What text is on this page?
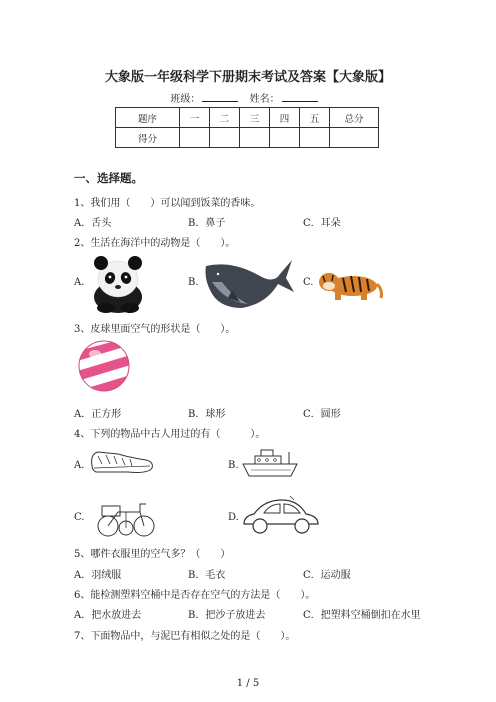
大象版一年级科学下册期末考试及答案【大象版】
班级：	姓名：
题序	一	二	三	四	五	总分
得分						
一、选择题。
1、我们用（　　）可以闻到饭菜的香味。
A．舌头	B．鼻子	C．耳朵
2、生活在海洋中的动物是（　　）。
A.	B.	C.
3、皮球里面空气的形状是（　　）。
A．正方形	B．球形	C．圆形
4、下列的物品中古人用过的有（　　　）。
A.	B.
C.	D.
5、哪件衣服里的空气多？（　　）
A．羽绒服	B．毛衣	C．运动服
6、能检测塑料空桶中是否存在空气的方法是（　　）。
A．把水放进去	B．把沙子放进去	C．把塑料空桶倒扣在水里
7、下面物品中，与泥巴有相似之处的是（　　）。
1 / 5
